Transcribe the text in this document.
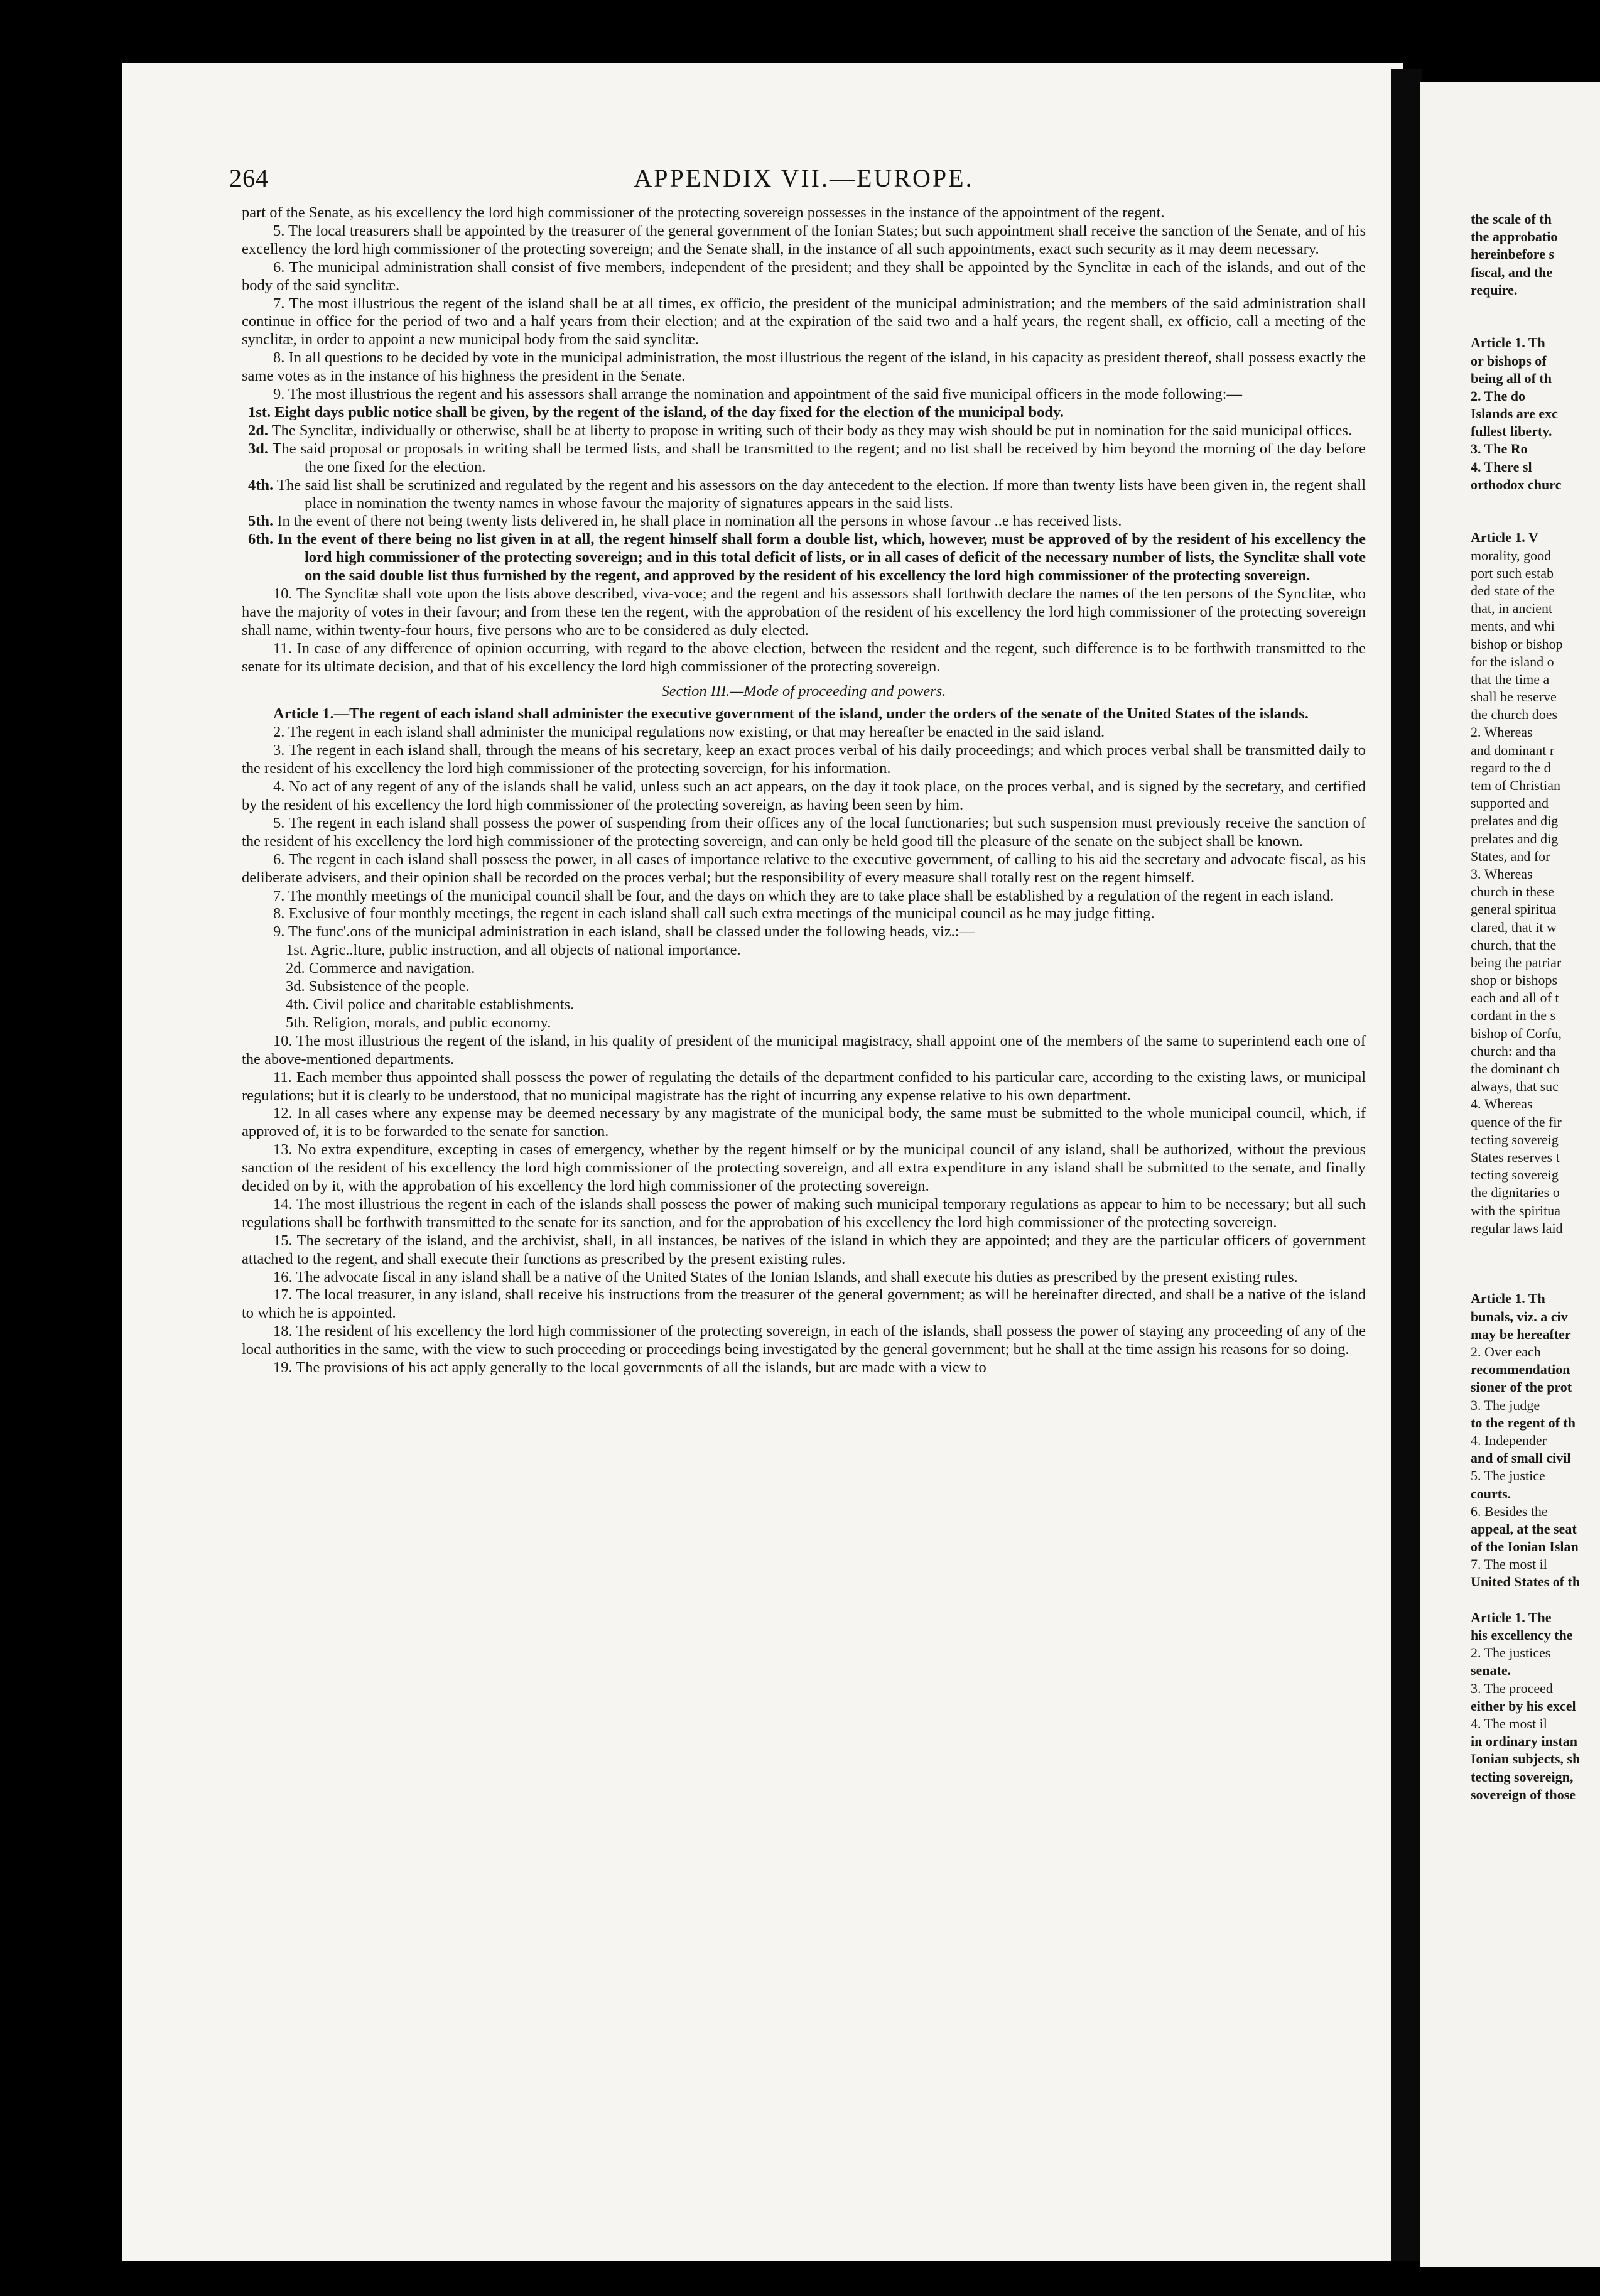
264	APPENDIX VII.—EUROPE.

part of the Senate, as his excellency the lord high commissioner of the protecting sovereign possesses in the instance of the appointment of the regent.

5. The local treasurers shall be appointed by the treasurer of the general government of the Ionian States; but such appointment shall receive the sanction of the Senate, and of his excellency the lord high commissioner of the protecting sovereign; and the Senate shall, in the instance of all such appointments, exact such security as it may deem necessary.

6. The municipal administration shall consist of five members, independent of the president; and they shall be appointed by the Synclitæ in each of the islands, and out of the body of the said synclitæ.

7. The most illustrious the regent of the island shall be at all times, ex officio, the president of the municipal administration; and the members of the said administration shall continue in office for the period of two and a half years from their election; and at the expiration of the said two and a half years, the regent shall, ex officio, call a meeting of the synclitæ, in order to appoint a new municipal body from the said synclitæ.

8. In all questions to be decided by vote in the municipal administration, the most illustrious the regent of the island, in his capacity as president thereof, shall possess exactly the same votes as in the instance of his highness the president in the Senate.

9. The most illustrious the regent and his assessors shall arrange the nomination and appointment of the said five municipal officers in the mode following:—

1st. Eight days public notice shall be given, by the regent of the island, of the day fixed for the election of the municipal body.

2d. The Synclitæ, individually or otherwise, shall be at liberty to propose in writing such of their body as they may wish should be put in nomination for the said municipal offices.

3d. The said proposal or proposals in writing shall be termed lists, and shall be transmitted to the regent; and no list shall be received by him beyond the morning of the day before the one fixed for the election.

4th. The said list shall be scrutinized and regulated by the regent and his assessors on the day antecedent to the election. If more than twenty lists have been given in, the regent shall place in nomination the twenty names in whose favour the majority of signatures appears in the said lists.

5th. In the event of there not being twenty lists delivered in, he shall place in nomination all the persons in whose favour ..e has received lists.

6th. In the event of there being no list given in at all, the regent himself shall form a double list, which, however, must be approved of by the resident of his excellency the lord high commissioner of the protecting sovereign; and in this total deficit of lists, or in all cases of deficit of the necessary number of lists, the Synclitæ shall vote on the said double list thus furnished by the regent, and approved by the resident of his excellency the lord high commissioner of the protecting sovereign.

10. The Synclitæ shall vote upon the lists above described, viva-voce; and the regent and his assessors shall forthwith declare the names of the ten persons of the Synclitæ, who have the majority of votes in their favour; and from these ten the regent, with the approbation of the resident of his excellency the lord high commissioner of the protecting sovereign shall name, within twenty-four hours, five persons who are to be considered as duly elected.

11. In case of any difference of opinion occurring, with regard to the above election, between the resident and the regent, such difference is to be forthwith transmitted to the senate for its ultimate decision, and that of his excellency the lord high commissioner of the protecting sovereign.

Section III.—Mode of proceeding and powers.

Article 1.—The regent of each island shall administer the executive government of the island, under the orders of the senate of the United States of the islands.

2. The regent in each island shall administer the municipal regulations now existing, or that may hereafter be enacted in the said island.

3. The regent in each island shall, through the means of his secretary, keep an exact proces verbal of his daily proceedings; and which proces verbal shall be transmitted daily to the resident of his excellency the lord high commissioner of the protecting sovereign, for his information.

4. No act of any regent of any of the islands shall be valid, unless such an act appears, on the day it took place, on the proces verbal, and is signed by the secretary, and certified by the resident of his excellency the lord high commissioner of the protecting sovereign, as having been seen by him.

5. The regent in each island shall possess the power of suspending from their offices any of the local functionaries; but such suspension must previously receive the sanction of the resident of his excellency the lord high commissioner of the protecting sovereign, and can only be held good till the pleasure of the senate on the subject shall be known.

6. The regent in each island shall possess the power, in all cases of importance relative to the executive government, of calling to his aid the secretary and advocate fiscal, as his deliberate advisers, and their opinion shall be recorded on the proces verbal; but the responsibility of every measure shall totally rest on the regent himself.

7. The monthly meetings of the municipal council shall be four, and the days on which they are to take place shall be established by a regulation of the regent in each island.

8. Exclusive of four monthly meetings, the regent in each island shall call such extra meetings of the municipal council as he may judge fitting.

9. The func'.ons of the municipal administration in each island, shall be classed under the following heads, viz.:—

1st. Agric..lture, public instruction, and all objects of national importance.

2d. Commerce and navigation.

3d. Subsistence of the people.

4th. Civil police and charitable establishments.

5th. Religion, morals, and public economy.

10. The most illustrious the regent of the island, in his quality of president of the municipal magistracy, shall appoint one of the members of the same to superintend each one of the above-mentioned departments.

11. Each member thus appointed shall possess the power of regulating the details of the department confided to his particular care, according to the existing laws, or municipal regulations; but it is clearly to be understood, that no municipal magistrate has the right of incurring any expense relative to his own department.

12. In all cases where any expense may be deemed necessary by any magistrate of the municipal body, the same must be submitted to the whole municipal council, which, if approved of, it is to be forwarded to the senate for sanction.

13. No extra expenditure, excepting in cases of emergency, whether by the regent himself or by the municipal council of any island, shall be authorized, without the previous sanction of the resident of his excellency the lord high commissioner of the protecting sovereign, and all extra expenditure in any island shall be submitted to the senate, and finally decided on by it, with the approbation of his excellency the lord high commissioner of the protecting sovereign.

14. The most illustrious the regent in each of the islands shall possess the power of making such municipal temporary regulations as appear to him to be necessary; but all such regulations shall be forthwith transmitted to the senate for its sanction, and for the approbation of his excellency the lord high commissioner of the protecting sovereign.

15. The secretary of the island, and the archivist, shall, in all instances, be natives of the island in which they are appointed; and they are the particular officers of government attached to the regent, and shall execute their functions as prescribed by the present existing rules.

16. The advocate fiscal in any island shall be a native of the United States of the Ionian Islands, and shall execute his duties as prescribed by the present existing rules.

17. The local treasurer, in any island, shall receive his instructions from the treasurer of the general government; as will be hereinafter directed, and shall be a native of the island to which he is appointed.

18. The resident of his excellency the lord high commissioner of the protecting sovereign, in each of the islands, shall possess the power of staying any proceeding of any of the local authorities in the same, with the view to such proceeding or proceedings being investigated by the general government; but he shall at the time assign his reasons for so doing.

19. The provisions of his act apply generally to the local governments of all the islands, but are made with a view to

the scale of th
the approbatio
hereinbefore s
fiscal, and the
require.
Article 1. Th
or bishops of
being all of th
2. The do
Islands are exc
fullest liberty.
3. The Ro
4. There sl
orthodox churc
Article 1. V
morality, good
port such estab
ded state of the
that, in ancient
ments, and whi
bishop or bishop
for the island o
that the time a
shall be reserve
the church does
2. Whereas
and dominant r
regard to the d
tem of Christian
supported and
prelates and dig
prelates and dig
States, and for
3. Whereas
church in these
general spiritua
clared, that it w
church, that the
being the patriar
shop or bishops
each and all of t
cordant in the s
bishop of Corfu,
church: and tha
the dominant ch
always, that suc
4. Whereas
quence of the fir
tecting sovereig
States reserves t
tecting sovereig
the dignitaries o
with the spiritua
regular laws laid
Article 1. Th
bunals, viz. a civ
may be hereafter
2. Over each
recommendation
sioner of the prot
3. The judge
to the regent of th
4. Independer
and of small civil
5. The justice
courts.
6. Besides the
appeal, at the seat
of the Ionian Islan
7. The most il
United States of th
Article 1. The
his excellency the
2. The justices
senate.
3. The proceed
either by his excel
4. The most il
in ordinary instan
Ionian subjects, sh
tecting sovereign,
sovereign of those
